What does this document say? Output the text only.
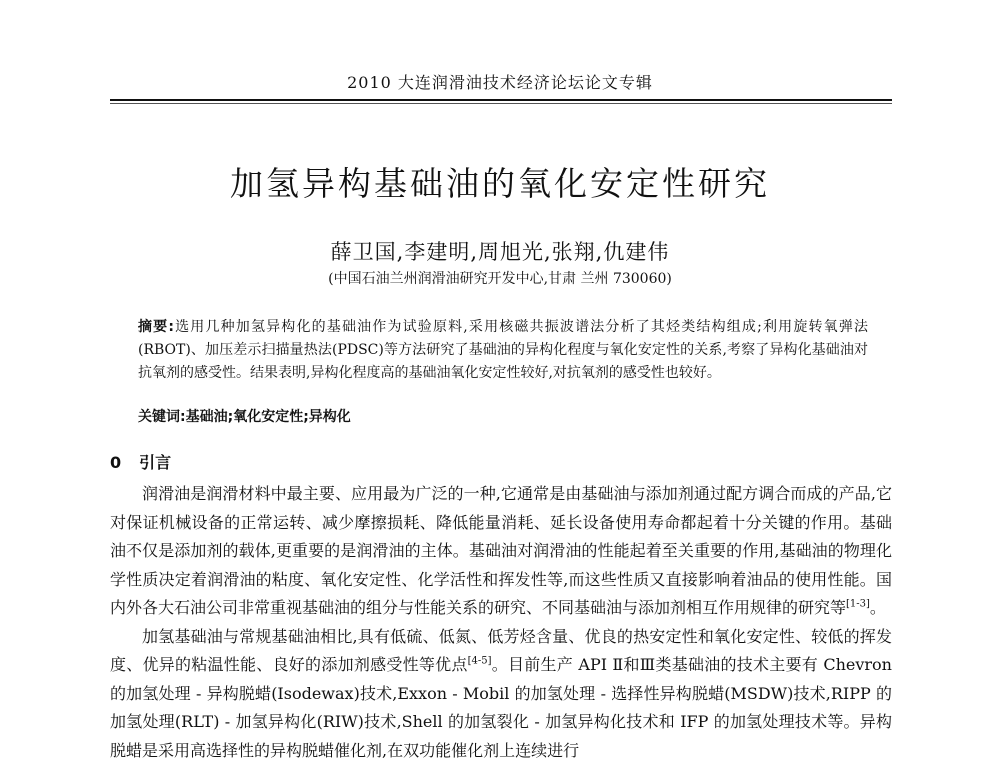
2010 大连润滑油技术经济论坛论文专辑
加氢异构基础油的氧化安定性研究
薛卫国,李建明,周旭光,张翔,仇建伟
(中国石油兰州润滑油研究开发中心,甘肃 兰州 730060)
摘要:选用几种加氢异构化的基础油作为试验原料,采用核磁共振波谱法分析了其烃类结构组成;利用旋转氧弹法(RBOT)、加压差示扫描量热法(PDSC)等方法研究了基础油的异构化程度与氧化安定性的关系,考察了异构化基础油对抗氧剂的感受性。结果表明,异构化程度高的基础油氧化安定性较好,对抗氧剂的感受性也较好。
关键词:基础油;氧化安定性;异构化
0 引言

润滑油是润滑材料中最主要、应用最为广泛的一种,它通常是由基础油与添加剂通过配方调合而成的产品,它对保证机械设备的正常运转、减少摩擦损耗、降低能量消耗、延长设备使用寿命都起着十分关键的作用。基础油不仅是添加剂的载体,更重要的是润滑油的主体。基础油对润滑油的性能起着至关重要的作用,基础油的物理化学性质决定着润滑油的粘度、氧化安定性、化学活性和挥发性等,而这些性质又直接影响着油品的使用性能。国内外各大石油公司非常重视基础油的组分与性能关系的研究、不同基础油与添加剂相互作用规律的研究等[1-3]。

加氢基础油与常规基础油相比,具有低硫、低氮、低芳烃含量、优良的热安定性和氧化安定性、较低的挥发度、优异的粘温性能、良好的添加剂感受性等优点[4-5]。目前生产 API Ⅱ和Ⅲ类基础油的技术主要有 Chevron 的加氢处理 - 异构脱蜡(Isodewax)技术,Exxon - Mobil 的加氢处理 - 选择性异构脱蜡(MSDW)技术,RIPP 的加氢处理(RLT) - 加氢异构化(RIW)技术,Shell 的加氢裂化 - 加氢异构化技术和 IFP 的加氢处理技术等。异构脱蜡是采用高选择性的异构脱蜡催化剂,在双功能催化剂上连续进行
